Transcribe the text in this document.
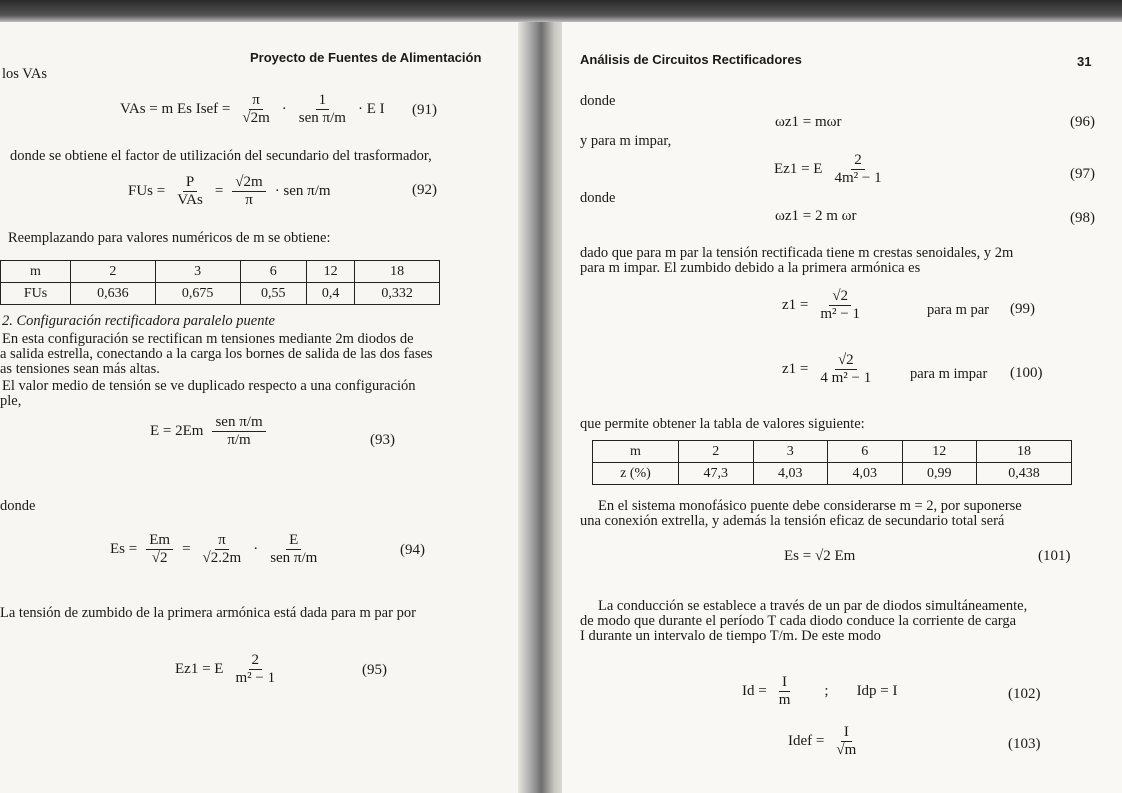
Proyecto de Fuentes de Alimentación
los VAs
VAs = m Es Isef = $\frac{\pi}{√2m}$ ·
1
sen π/m
· E I (91)
donde se obtiene el factor de utilización del secundario del trasformador,
FUs =
P
VAs
= $\frac{√2m}{\pi}$ · sen π/m	(92)
Reemplazando para valores numéricos de m se obtiene:
m	2	3	6	12	18
FUs	0,636	0,675	0,55	0,4	0,332
2. Configuración rectificadora paralelo puente
En esta configuración se rectifican m tensiones mediante 2m diodos de
a salida estrella, conectando a la carga los bornes de salida de las dos fases
as tensiones sean más altas.
El valor medio de tensión se ve duplicado respecto a una configuración
ple,
E = 2Em
sen π/m
π/m	(93)
donde
$Es = \frac{Em}{√2} = \frac{\pi}{√2.2m}$ ·
E
sen π/m	(94)
La tensión de zumbido de la primera armónica está dada para m par por
Ez1 = E $\frac{2}{\text{m² − 1}}$	(95)
Análisis de Circuitos Rectificadores	31
donde
ωz1 = mωr	(96)
y para m impar,
Ez1 = E $\frac{2}{\text{4m² − 1}}$	(97)
donde
ωz1 = 2 m ωr	(98)
dado que para m par la tensión rectificada tiene m crestas senoidales, y 2m
para m impar. El zumbido debido a la primera armónica es
$z1 = \frac{√2}{\text{m² − 1}}$	para m par (99)
$z1 = \frac{√2}{\text{4 m² − 1}}$ para m impar (100)
que permite obtener la tabla de valores siguiente:
m	2	3	6	12	18
z (%)	47,3	4,03	4,03	0,99	0,438
En el sistema monofásico puente debe considerarse m = 2, por suponerse
una conexión extrella, y además la tensión eficaz de secundario total será
Es = √2 Em	(101)
La conducción se establece a través de un par de diodos simultáneamente,
de modo que durante el período T cada diodo conduce la corriente de carga
I durante un intervalo de tiempo T/m. De este modo
$Id = \frac{I}{m}$ ; Idp = I	(102)
Idef = $\frac{I}{√m}$	(103)
